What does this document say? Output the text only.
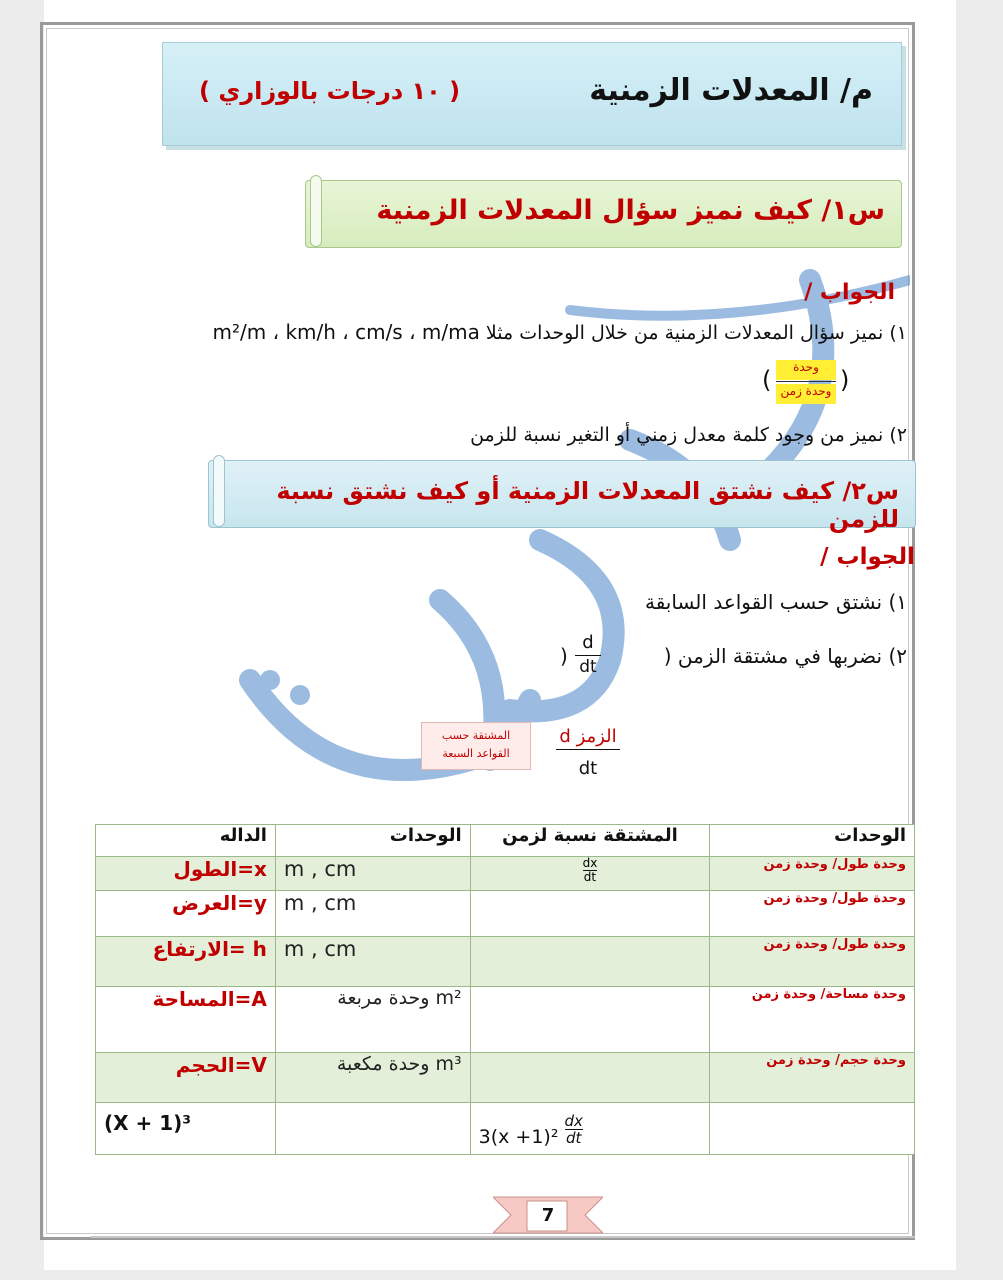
م/ المعدلات الزمنية
( ١٠ درجات بالوزاري )
س١/ كيف نميز سؤال المعدلات الزمنية
الجواب /
١) نميز سؤال المعدلات الزمنية من خلال الوحدات مثلا m²/m ، km/h ، cm/s ، m/ma
(	وحدة
وحدة زمن )
٢) نميز من وجود كلمة معدل زمني أو التغير نسبة للزمن
س٢/ كيف نشتق المعدلات الزمنية أو كيف نشتق نسبة للزمن
الجواب /
١) نشتق حسب القواعد السابقة
٢) نضربها في مشتقة الزمن (
d
dt
)
المشتقة حسب
القواعد السبعة
الزمز d
dt
الوحدات	المشتقة نسبة لزمن	الوحدات	الداله
وحدة طول/ وحدة زمن	$\frac{dx}{dt}$	m , cm	x=الطول
وحدة طول/ وحدة زمن		m , cm	y=العرض
وحدة طول/ وحدة زمن		m , cm	h =الارتفاع
وحدة مساحة/ وحدة زمن		m² وحدة مربعة	A=المساحة
وحدة حجم/ وحدة زمن		m³ وحدة مكعبة	V=الحجم
	$3(x +1)^2 \frac{dx}{dt}$		(X + 1)³
7
